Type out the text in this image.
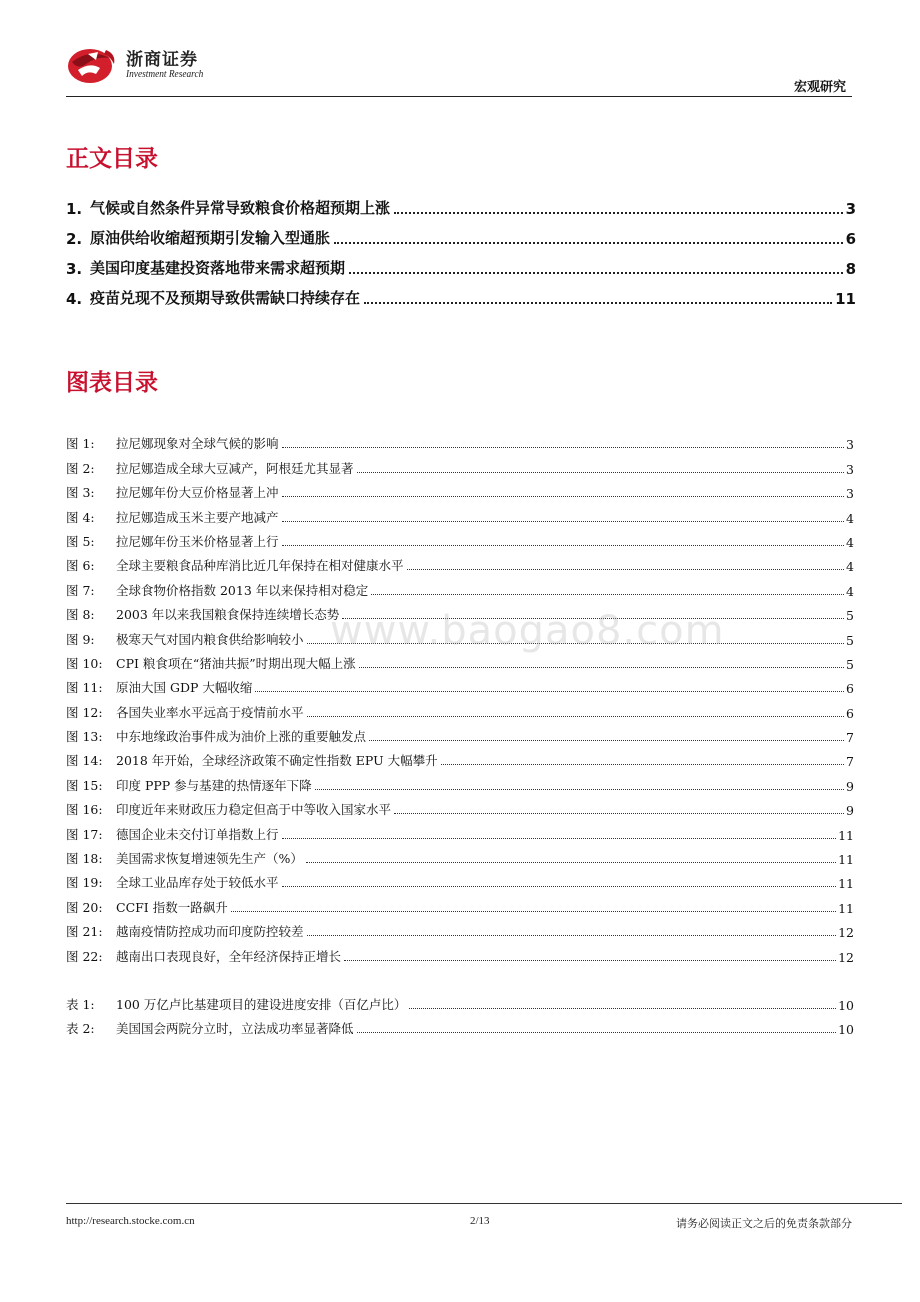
浙商证券
Investment Research
宏观研究
正文目录
1. 气候或自然条件异常导致粮食价格超预期上涨	3
2. 原油供给收缩超预期引发输入型通胀	6
3. 美国印度基建投资落地带来需求超预期	8
4. 疫苗兑现不及预期导致供需缺口持续存在	11
图表目录
图 1:	拉尼娜现象对全球气候的影响	3
图 2:	拉尼娜造成全球大豆减产，阿根廷尤其显著	3
图 3:	拉尼娜年份大豆价格显著上冲	3
图 4:	拉尼娜造成玉米主要产地减产	4
图 5:	拉尼娜年份玉米价格显著上行	4
图 6:	全球主要粮食品种库消比近几年保持在相对健康水平	4
图 7:	全球食物价格指数 2013 年以来保持相对稳定	4
图 8:	2003 年以来我国粮食保持连续增长态势	5
图 9:	极寒天气对国内粮食供给影响较小	5
图 10:	CPI 粮食项在“猪油共振”时期出现大幅上涨	5
图 11:	原油大国 GDP 大幅收缩	6
图 12:	各国失业率水平远高于疫情前水平	6
图 13:	中东地缘政治事件成为油价上涨的重要触发点	7
图 14:	2018 年开始，全球经济政策不确定性指数 EPU 大幅攀升	7
图 15:	印度 PPP 参与基建的热情逐年下降	9
图 16:	印度近年来财政压力稳定但高于中等收入国家水平	9
图 17:	德国企业未交付订单指数上行	11
图 18:	美国需求恢复增速领先生产（%）	11
图 19:	全球工业品库存处于较低水平	11
图 20:	CCFI 指数一路飙升	11
图 21:	越南疫情防控成功而印度防控较差	12
图 22:	越南出口表现良好，全年经济保持正增长	12
表 1:	100 万亿卢比基建项目的建设进度安排（百亿卢比）	10
表 2:	美国国会两院分立时，立法成功率显著降低	10
www.baogao8.com
http://research.stocke.com.cn	2/13	请务必阅读正文之后的免责条款部分
